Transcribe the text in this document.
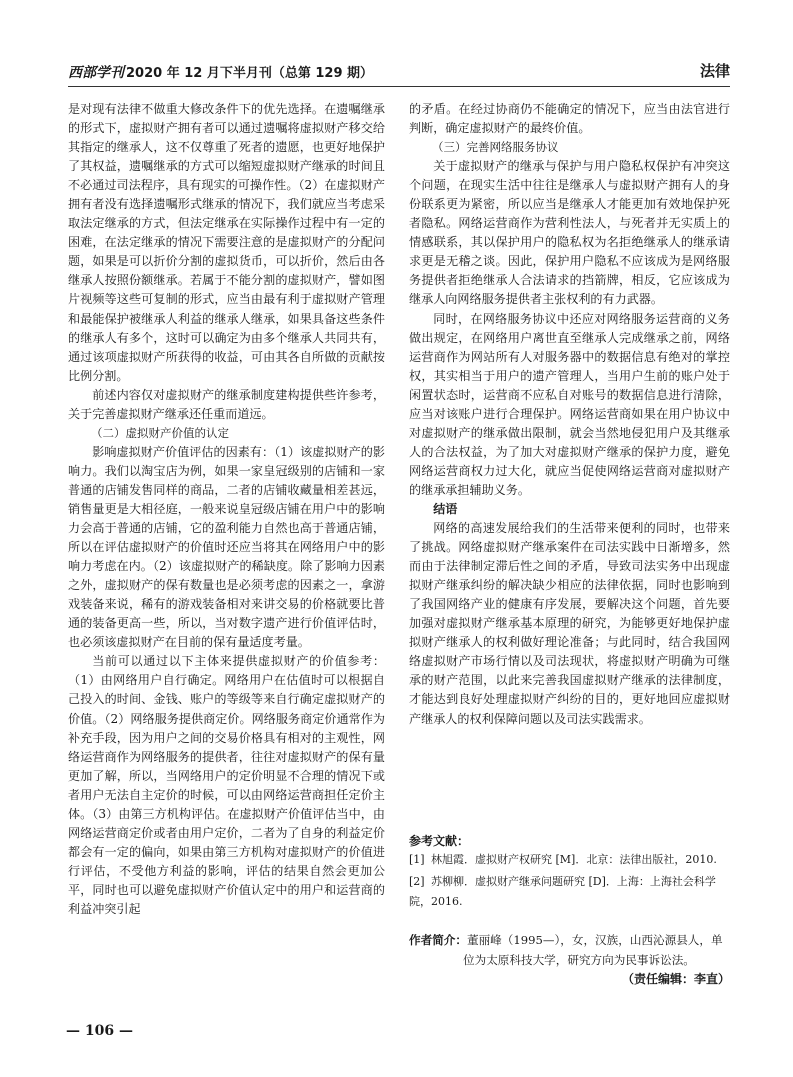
西部学刊 2020 年 12 月下半月刊（总第 129 期）	法律

是对现有法律不做重大修改条件下的优先选择。在遗嘱继承的形式下，虚拟财产拥有者可以通过遗嘱将虚拟财产移交给其指定的继承人，这不仅尊重了死者的遗愿，也更好地保护了其权益，遗嘱继承的方式可以缩短虚拟财产继承的时间且不必通过司法程序，具有现实的可操作性。（2）在虚拟财产拥有者没有选择遗嘱形式继承的情况下，我们就应当考虑采取法定继承的方式，但法定继承在实际操作过程中有一定的困难，在法定继承的情况下需要注意的是虚拟财产的分配问题，如果是可以折价分割的虚拟货币，可以折价，然后由各继承人按照份额继承。若属于不能分割的虚拟财产，譬如图片视频等这些可复制的形式，应当由最有利于虚拟财产管理和最能保护被继承人利益的继承人继承，如果具备这些条件的继承人有多个，这时可以确定为由多个继承人共同共有，通过该项虚拟财产所获得的收益，可由其各自所做的贡献按比例分割。

前述内容仅对虚拟财产的继承制度建构提供些许参考，关于完善虚拟财产继承还任重而道远。

（二）虚拟财产价值的认定

影响虚拟财产价值评估的因素有：（1）该虚拟财产的影响力。我们以淘宝店为例，如果一家皇冠级别的店铺和一家普通的店铺发售同样的商品，二者的店铺收藏量相差甚远，销售量更是大相径庭，一般来说皇冠级店铺在用户中的影响力会高于普通的店铺，它的盈利能力自然也高于普通店铺，所以在评估虚拟财产的价值时还应当将其在网络用户中的影响力考虑在内。（2）该虚拟财产的稀缺度。除了影响力因素之外，虚拟财产的保有数量也是必须考虑的因素之一，拿游戏装备来说，稀有的游戏装备相对来讲交易的价格就要比普通的装备更高一些，所以，当对数字遗产进行价值评估时，也必须该虚拟财产在目前的保有量适度考量。

当前可以通过以下主体来提供虚拟财产的价值参考：（1）由网络用户自行确定。网络用户在估值时可以根据自己投入的时间、金钱、账户的等级等来自行确定虚拟财产的价值。（2）网络服务提供商定价。网络服务商定价通常作为补充手段，因为用户之间的交易价格具有相对的主观性，网络运营商作为网络服务的提供者，往往对虚拟财产的保有量更加了解，所以，当网络用户的定价明显不合理的情况下或者用户无法自主定价的时候，可以由网络运营商担任定价主体。（3）由第三方机构评估。在虚拟财产价值评估当中，由网络运营商定价或者由用户定价，二者为了自身的利益定价都会有一定的偏向，如果由第三方机构对虚拟财产的价值进行评估，不受他方利益的影响，评估的结果自然会更加公平，同时也可以避免虚拟财产价值认定中的用户和运营商的利益冲突引起

的矛盾。在经过协商仍不能确定的情况下，应当由法官进行判断，确定虚拟财产的最终价值。

（三）完善网络服务协议

关于虚拟财产的继承与保护与用户隐私权保护有冲突这个问题，在现实生活中往往是继承人与虚拟财产拥有人的身份联系更为紧密，所以应当是继承人才能更加有效地保护死者隐私。网络运营商作为营利性法人，与死者并无实质上的情感联系，其以保护用户的隐私权为名拒绝继承人的继承请求更是无稽之谈。因此，保护用户隐私不应该成为是网络服务提供者拒绝继承人合法请求的挡箭牌，相反，它应该成为继承人向网络服务提供者主张权利的有力武器。

同时，在网络服务协议中还应对网络服务运营商的义务做出规定，在网络用户离世直至继承人完成继承之前，网络运营商作为网站所有人对服务器中的数据信息有绝对的掌控权，其实相当于用户的遗产管理人，当用户生前的账户处于闲置状态时，运营商不应私自对账号的数据信息进行清除，应当对该账户进行合理保护。网络运营商如果在用户协议中对虚拟财产的继承做出限制，就会当然地侵犯用户及其继承人的合法权益，为了加大对虚拟财产继承的保护力度，避免网络运营商权力过大化，就应当促使网络运营商对虚拟财产的继承承担辅助义务。

结语

网络的高速发展给我们的生活带来便利的同时，也带来了挑战。网络虚拟财产继承案件在司法实践中日渐增多，然而由于法律制定滞后性之间的矛盾，导致司法实务中出现虚拟财产继承纠纷的解决缺少相应的法律依据，同时也影响到了我国网络产业的健康有序发展，要解决这个问题，首先要加强对虚拟财产继承基本原理的研究，为能够更好地保护虚拟财产继承人的权利做好理论准备；与此同时，结合我国网络虚拟财产市场行情以及司法现状，将虚拟财产明确为可继承的财产范围，以此来完善我国虚拟财产继承的法律制度，才能达到良好处理虚拟财产纠纷的目的，更好地回应虚拟财产继承人的权利保障问题以及司法实践需求。

参考文献：
[1] 林旭霞．虚拟财产权研究 [M]．北京：法律出版社，2010.
[2] 苏柳柳．虚拟财产继承问题研究 [D]．上海：上海社会科学院，2016.
作者简介：董丽峰（1995—），女，汉族，山西沁源县人，单
位为太原科技大学，研究方向为民事诉讼法。
（责任编辑：李直）
— 106 —
